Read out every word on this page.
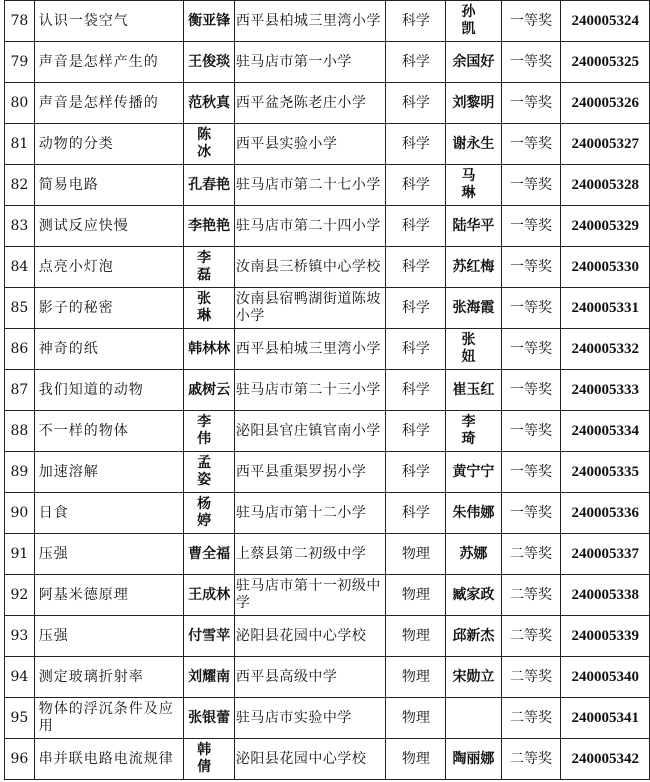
78	认识一袋空气	衡亚锋	西平县柏城三里湾小学	科学	孙 凯	一等奖	240005324
79	声音是怎样产生的	王俊琰	驻马店市第一小学	科学	余国好	一等奖	240005325
80	声音是怎样传播的	范秋真	西平盆尧陈老庄小学	科学	刘黎明	一等奖	240005326
81	动物的分类	陈 冰	西平县实验小学	科学	谢永生	一等奖	240005327
82	简易电路	孔春艳	驻马店市第二十七小学	科学	马 琳	一等奖	240005328
83	测试反应快慢	李艳艳	驻马店市第二十四小学	科学	陆华平	一等奖	240005329
84	点亮小灯泡	李 磊	汝南县三桥镇中心学校	科学	苏红梅	一等奖	240005330
85	影子的秘密	张 琳	汝南县宿鸭湖街道陈坡小学	科学	张海霞	一等奖	240005331
86	神奇的纸	韩林林	西平县柏城三里湾小学	科学	张 妞	一等奖	240005332
87	我们知道的动物	戚树云	驻马店市第二十三小学	科学	崔玉红	一等奖	240005333
88	不一样的物体	李 伟	泌阳县官庄镇官南小学	科学	李 琦	一等奖	240005334
89	加速溶解	孟 姿	西平县重渠罗拐小学	科学	黄宁宁	一等奖	240005335
90	日食	杨 婷	驻马店市第十二小学	科学	朱伟娜	一等奖	240005336
91	压强	曹全福	上蔡县第二初级中学	物理	苏娜	二等奖	240005337
92	阿基米德原理	王成林	驻马店市第十一初级中学	物理	臧家政	二等奖	240005338
93	压强	付雪苹	泌阳县花园中心学校	物理	邱新杰	二等奖	240005339
94	测定玻璃折射率	刘耀南	西平县高级中学	物理	宋勋立	二等奖	240005340
95	物体的浮沉条件及应用	张银蕾	驻马店市实验中学	物理		二等奖	240005341
96	串并联电路电流规律	韩 倩	泌阳县花园中心学校	物理	陶丽娜	二等奖	240005342
